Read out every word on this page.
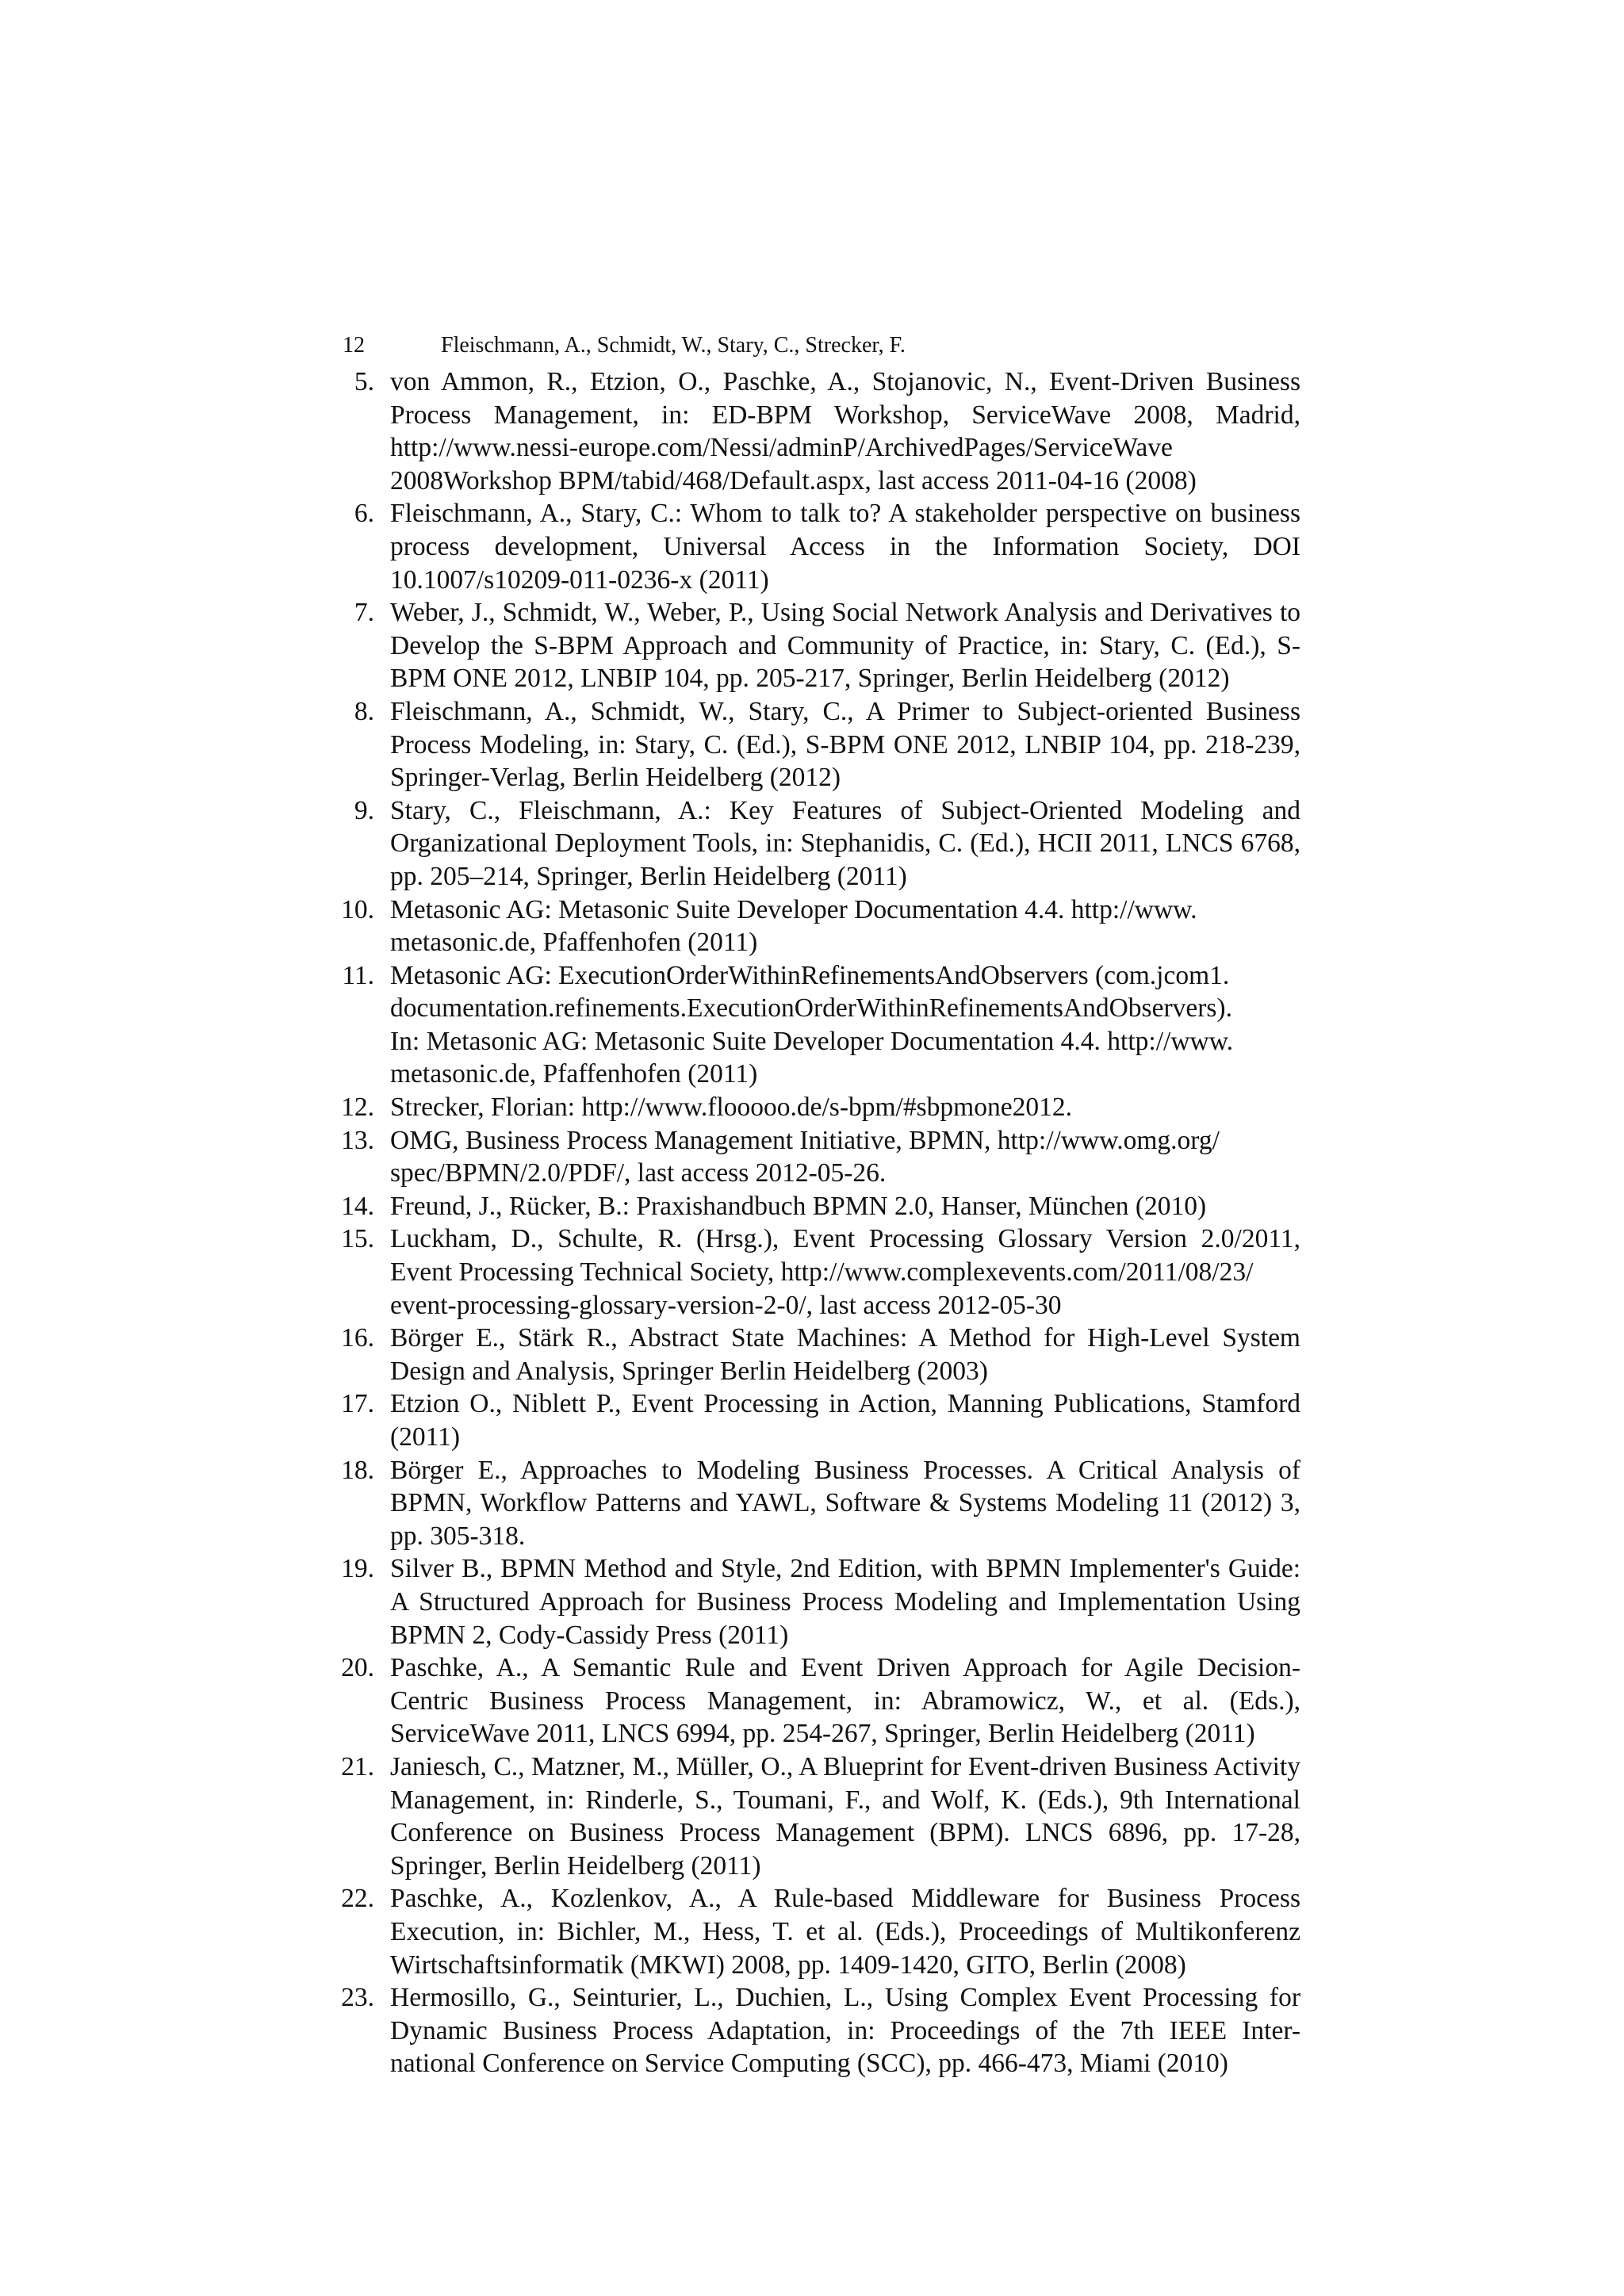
12	Fleischmann, A., Schmidt, W., Stary, C., Strecker, F.
5. von Ammon, R., Etzion, O., Paschke, A., Stojanovic, N., Event-Driven Business Process Management, in: ED-BPM Workshop, ServiceWave 2008, Madrid, http://www.nessi-europe.com/Nessi/adminP/ArchivedPages/ServiceWave
2008Workshop BPM/tabid/468/Default.aspx, last access 2011-04-16 (2008)
6. Fleischmann, A., Stary, C.: Whom to talk to? A stakeholder perspective on business process development, Universal Access in the Information Society, DOI 10.1007/s10209-011-0236-x (2011)
7. Weber, J., Schmidt, W., Weber, P., Using Social Network Analysis and Derivatives to Develop the S-BPM Approach and Community of Practice, in: Stary, C. (Ed.), S-BPM ONE 2012, LNBIP 104, pp. 205-217, Springer, Berlin Heidelberg (2012)
8. Fleischmann, A., Schmidt, W., Stary, C., A Primer to Subject-oriented Business Process Modeling, in: Stary, C. (Ed.), S-BPM ONE 2012, LNBIP 104, pp. 218-239, Springer-Verlag, Berlin Heidelberg (2012)
9. Stary, C., Fleischmann, A.: Key Features of Subject-Oriented Modeling and Organizational Deployment Tools, in: Stephanidis, C. (Ed.), HCII 2011, LNCS 6768, pp. 205–214, Springer, Berlin Heidelberg (2011)
10. Metasonic AG: Metasonic Suite Developer Documentation 4.4. http://www.
metasonic.de, Pfaffenhofen (2011)
11. Metasonic AG: ExecutionOrderWithinRefinementsAndObservers (com.jcom1.
documentation.refinements.ExecutionOrderWithinRefinementsAndObservers).
In: Metasonic AG: Metasonic Suite Developer Documentation 4.4. http://www.
metasonic.de, Pfaffenhofen (2011)
12. Strecker, Florian: http://www.flooooo.de/s-bpm/#sbpmone2012.
13. OMG, Business Process Management Initiative, BPMN, http://www.omg.org/
spec/BPMN/2.0/PDF/, last access 2012-05-26.
14. Freund, J., Rücker, B.: Praxishandbuch BPMN 2.0, Hanser, München (2010)
15. Luckham, D., Schulte, R. (Hrsg.), Event Processing Glossary Version 2.0/2011, Event Processing Technical Society, http://www.complexevents.com/2011/08/23/
event-processing-glossary-version-2-0/, last access 2012-05-30
16. Börger E., Stärk R., Abstract State Machines: A Method for High-Level System Design and Analysis, Springer Berlin Heidelberg (2003)
17. Etzion O., Niblett P., Event Processing in Action, Manning Publications, Stamford (2011)
18. Börger E., Approaches to Modeling Business Processes. A Critical Analysis of BPMN, Workflow Patterns and YAWL, Software & Systems Modeling 11 (2012) 3, pp. 305-318.
19. Silver B., BPMN Method and Style, 2nd Edition, with BPMN Implementer's Guide: A Structured Approach for Business Process Modeling and Implementation Using BPMN 2, Cody-Cassidy Press (2011)
20. Paschke, A., A Semantic Rule and Event Driven Approach for Agile Decision-Centric Business Process Management, in: Abramowicz, W., et al. (Eds.), ServiceWave 2011, LNCS 6994, pp. 254-267, Springer, Berlin Heidelberg (2011)
21. Janiesch, C., Matzner, M., Müller, O., A Blueprint for Event-driven Business Activity Management, in: Rinderle, S., Toumani, F., and Wolf, K. (Eds.), 9th International Conference on Business Process Management (BPM). LNCS 6896, pp. 17-28, Springer, Berlin Heidelberg (2011)
22. Paschke, A., Kozlenkov, A., A Rule-based Middleware for Business Process Execution, in: Bichler, M., Hess, T. et al. (Eds.), Proceedings of Multikonferenz Wirtschaftsinformatik (MKWI) 2008, pp. 1409-1420, GITO, Berlin (2008)
23. Hermosillo, G., Seinturier, L., Duchien, L., Using Complex Event Processing for Dynamic Business Process Adaptation, in: Proceedings of the 7th IEEE Inter-national Conference on Service Computing (SCC), pp. 466-473, Miami (2010)
